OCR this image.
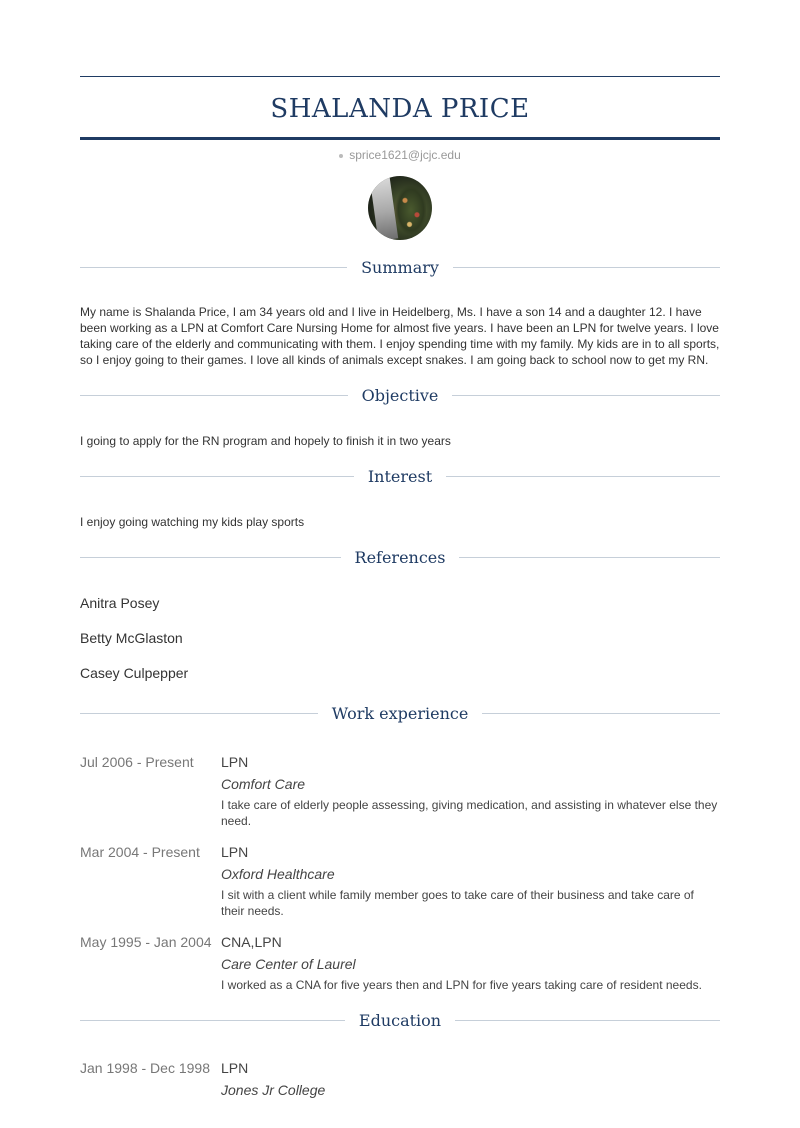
SHALANDA PRICE
sprice1621@jcjc.edu
Summary

My name is Shalanda Price, I am 34 years old and I live in Heidelberg, Ms. I have a son 14 and a daughter 12. I have been working as a LPN at Comfort Care Nursing Home for almost five years. I have been an LPN for twelve years. I love taking care of the elderly and communicating with them. I enjoy spending time with my family. My kids are in to all sports, so I enjoy going to their games. I love all kinds of animals except snakes. I am going back to school now to get my RN.

Objective

I going to apply for the RN program and hopely to finish it in two years

Interest

I enjoy going watching my kids play sports

References
Anitra Posey
Betty McGlaston
Casey Culpepper
Work experience
Jul 2006 - Present	LPN
Comfort Care
I take care of elderly people assessing, giving medication, and assisting in whatever else they need.
Mar 2004 - Present	LPN
Oxford Healthcare
I sit with a client while family member goes to take care of their business and take care of their needs.
May 1995 - Jan 2004 CNA,LPN
Care Center of Laurel
I worked as a CNA for five years then and LPN for five years taking care of resident needs.
Education
Jan 1998 - Dec 1998 LPN
Jones Jr College
